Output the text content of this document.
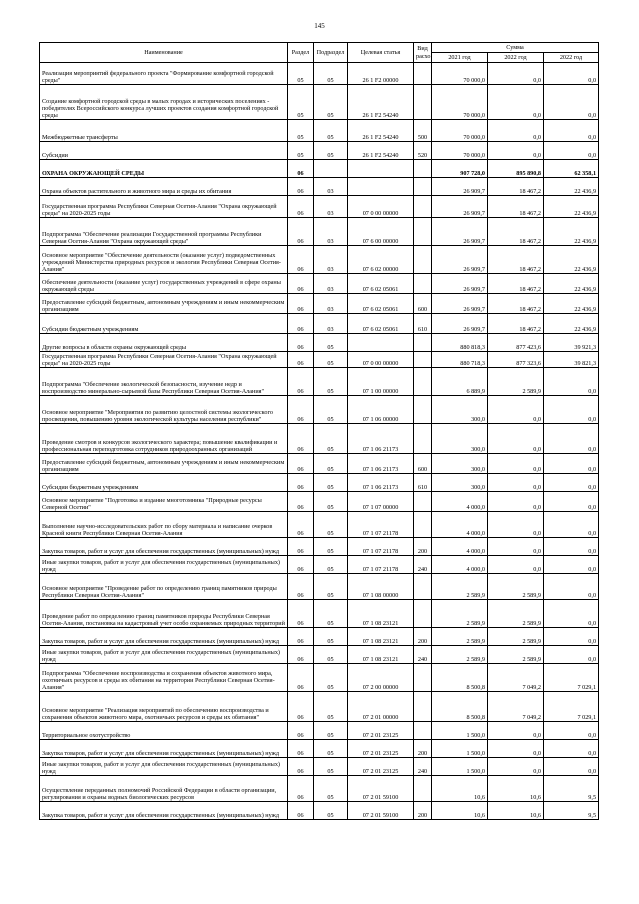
145
Наименование	Раздел	Подраздел	Целевая статья	Вид расхо	Сумма		
					2021 год	2022 год	2022 год
Реализация мероприятий федерального проекта "Формирование комфортной городской среды"	05	05	26 1 F2 00000		70 000,0	0,0	0,0
Создание комфортной городской среды в малых городах и исторических поселениях - победителях Всероссийского конкурса лучших проектов создания комфортной городской среды	05	05	26 1 F2 54240		70 000,0	0,0	0,0
Межбюджетные трансферты	05	05	26 1 F2 54240	500	70 000,0	0,0	0,0
Субсидии	05	05	26 1 F2 54240	520	70 000,0	0,0	0,0
ОХРАНА ОКРУЖАЮЩЕЙ СРЕДЫ	06				907 728,0	895 890,8	62 358,1
Охрана объектов растительного и животного мира и среды их обитания	06	03			26 909,7	18 467,2	22 436,9
Государственная программа Республики Северная Осетия-Алания "Охрана окружающей среды" на 2020-2025 годы	06	03	07 0 00 00000		26 909,7	18 467,2	22 436,9
Подпрограмма "Обеспечение реализации Государственной программы Республики Северная Осетия-Алания "Охрана окружающей среды"	06	03	07 6 00 00000		26 909,7	18 467,2	22 436,9
Основное мероприятие "Обеспечение деятельности (оказание услуг) подведомственных учреждений Министерства природных ресурсов и экологии Республики Северная Осетия-Алания"	06	03	07 6 02 00000		26 909,7	18 467,2	22 436,9
Обеспечение деятельности (оказание услуг) государственных учреждений в сфере охраны окружающей среды	06	03	07 6 02 05061		26 909,7	18 467,2	22 436,9
Предоставление субсидий бюджетным, автономным учреждениям и иным некоммерческим организациям	06	03	07 6 02 05061	600	26 909,7	18 467,2	22 436,9
Субсидии бюджетным учреждениям	06	03	07 6 02 05061	610	26 909,7	18 467,2	22 436,9
Другие вопросы в области охраны окружающей среды	06	05			880 818,3	877 423,6	39 921,3
Государственная программа Республики Северная Осетия-Алания "Охрана окружающей среды" на 2020-2025 годы	06	05	07 0 00 00000		880 718,3	877 323,6	39 821,3
Подпрограмма "Обеспечение экологической безопасности, изучение недр и воспроизводство минерально-сырьевой базы Республики Северная Осетия-Алания"	06	05	07 1 00 00000		6 889,9	2 589,9	0,0
Основное мероприятие "Мероприятия по развитию целостной системы экологического просвещения, повышению уровня экологической культуры населения республики"	06	05	07 1 06 00000		300,0	0,0	0,0
Проведение смотров и конкурсов экологического характера; повышение квалификации и профессиональная переподготовка сотрудников природоохранных организаций	06	05	07 1 06 21173		300,0	0,0	0,0
Предоставление субсидий бюджетным, автономным учреждениям и иным некоммерческим организациям	06	05	07 1 06 21173	600	300,0	0,0	0,0
Субсидии бюджетным учреждениям	06	05	07 1 06 21173	610	300,0	0,0	0,0
Основное мероприятие "Подготовка и издание многотомника "Природные ресурсы Северной Осетии"	06	05	07 1 07 00000		4 000,0	0,0	0,0
Выполнение научно-исследовательских работ по сбору материала и написание очерков Красной книги Республики Северная Осетия-Алания	06	05	07 1 07 21178		4 000,0	0,0	0,0
Закупка товаров, работ и услуг для обеспечения государственных (муниципальных) нужд	06	05	07 1 07 21178	200	4 000,0	0,0	0,0
Иные закупки товаров, работ и услуг для обеспечения государственных (муниципальных) нужд	06	05	07 1 07 21178	240	4 000,0	0,0	0,0
Основное мероприятие "Проведение работ по определению границ памятников природы Республики Северная Осетия-Алания"	06	05	07 1 08 00000		2 589,9	2 589,9	0,0
Проведение работ по определению границ памятников природы Республики Северная Осетия-Алания, постановка на кадастровый учет особо охраняемых природных территорий	06	05	07 1 08 23121		2 589,9	2 589,9	0,0
Закупка товаров, работ и услуг для обеспечения государственных (муниципальных) нужд	06	05	07 1 08 23121	200	2 589,9	2 589,9	0,0
Иные закупки товаров, работ и услуг для обеспечения государственных (муниципальных) нужд	06	05	07 1 08 23121	240	2 589,9	2 589,9	0,0
Подпрограмма "Обеспечение воспроизводства и сохранения объектов животного мира, охотничьих ресурсов и среды их обитания на территории Республики Северная Осетия-Алания"	06	05	07 2 00 00000		8 500,8	7 049,2	7 029,1
Основное мероприятие "Реализация мероприятий по обеспечению воспроизводства и сохранения объектов животного мира, охотничьих ресурсов и среды их обитания"	06	05	07 2 01 00000		8 500,8	7 049,2	7 029,1
Территориальное охотустройство	06	05	07 2 01 23125		1 500,0	0,0	0,0
Закупка товаров, работ и услуг для обеспечения государственных (муниципальных) нужд	06	05	07 2 01 23125	200	1 500,0	0,0	0,0
Иные закупки товаров, работ и услуг для обеспечения государственных (муниципальных) нужд	06	05	07 2 01 23125	240	1 500,0	0,0	0,0
Осуществление переданных полномочий Российской Федерации в области организации, регулирования и охраны водных биологических ресурсов	06	05	07 2 01 59100		10,6	10,6	9,5
Закупка товаров, работ и услуг для обеспечения государственных (муниципальных) нужд	06	05	07 2 01 59100	200	10,6	10,6	9,5
